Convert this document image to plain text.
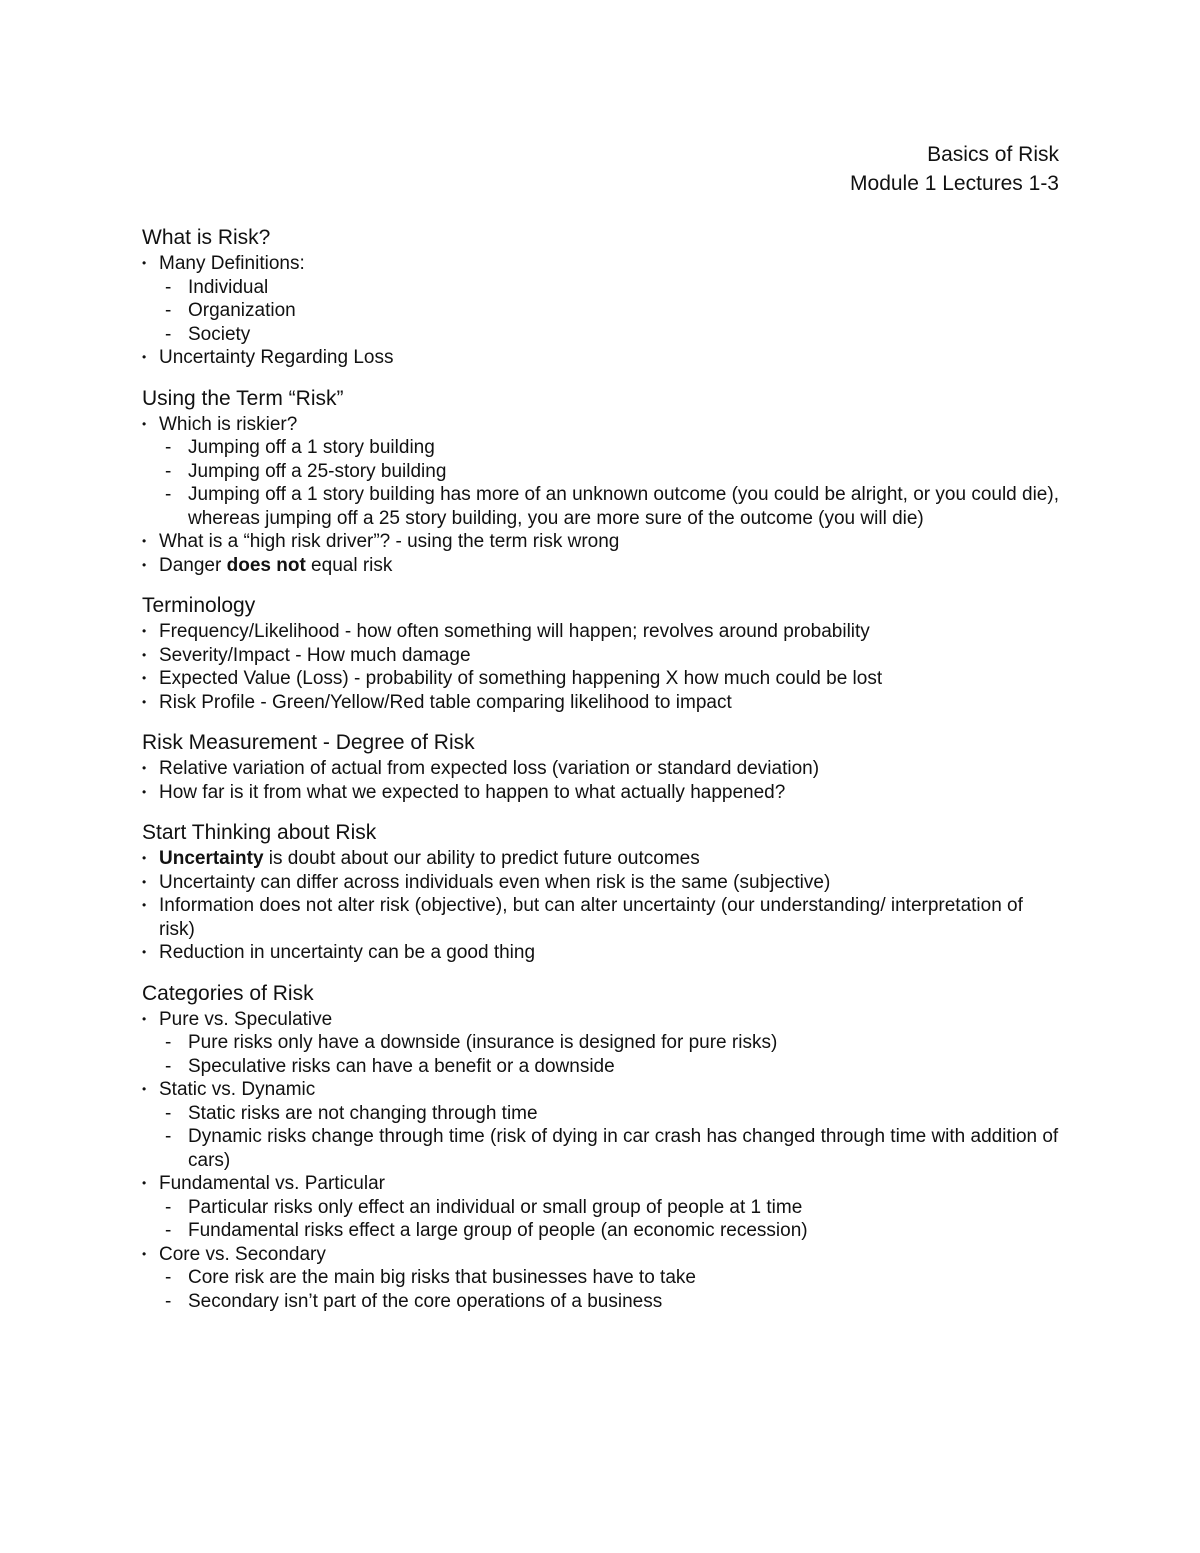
Basics of Risk
Module 1 Lectures 1-3
What is Risk?
• Many Definitions:
- Individual
- Organization
- Society
• Uncertainty Regarding Loss
Using the Term “Risk”
• Which is riskier?
- Jumping off a 1 story building
- Jumping off a 25-story building
- Jumping off a 1 story building has more of an unknown outcome (you could be alright, or you could die), whereas jumping off a 25 story building, you are more sure of the outcome (you will die)
• What is a “high risk driver”? - using the term risk wrong
• Danger does not equal risk
Terminology
• Frequency/Likelihood - how often something will happen; revolves around probability
• Severity/Impact - How much damage
• Expected Value (Loss) - probability of something happening X how much could be lost
• Risk Profile - Green/Yellow/Red table comparing likelihood to impact
Risk Measurement - Degree of Risk
• Relative variation of actual from expected loss (variation or standard deviation)
• How far is it from what we expected to happen to what actually happened?
Start Thinking about Risk
• Uncertainty is doubt about our ability to predict future outcomes
• Uncertainty can differ across individuals even when risk is the same (subjective)
• Information does not alter risk (objective), but can alter uncertainty (our understanding/ interpretation of risk)
• Reduction in uncertainty can be a good thing
Categories of Risk
• Pure vs. Speculative
- Pure risks only have a downside (insurance is designed for pure risks)
- Speculative risks can have a benefit or a downside
• Static vs. Dynamic
- Static risks are not changing through time
- Dynamic risks change through time (risk of dying in car crash has changed through time with addition of cars)
• Fundamental vs. Particular
- Particular risks only effect an individual or small group of people at 1 time
- Fundamental risks effect a large group of people (an economic recession)
• Core vs. Secondary
- Core risk are the main big risks that businesses have to take
- Secondary isn’t part of the core operations of a business
